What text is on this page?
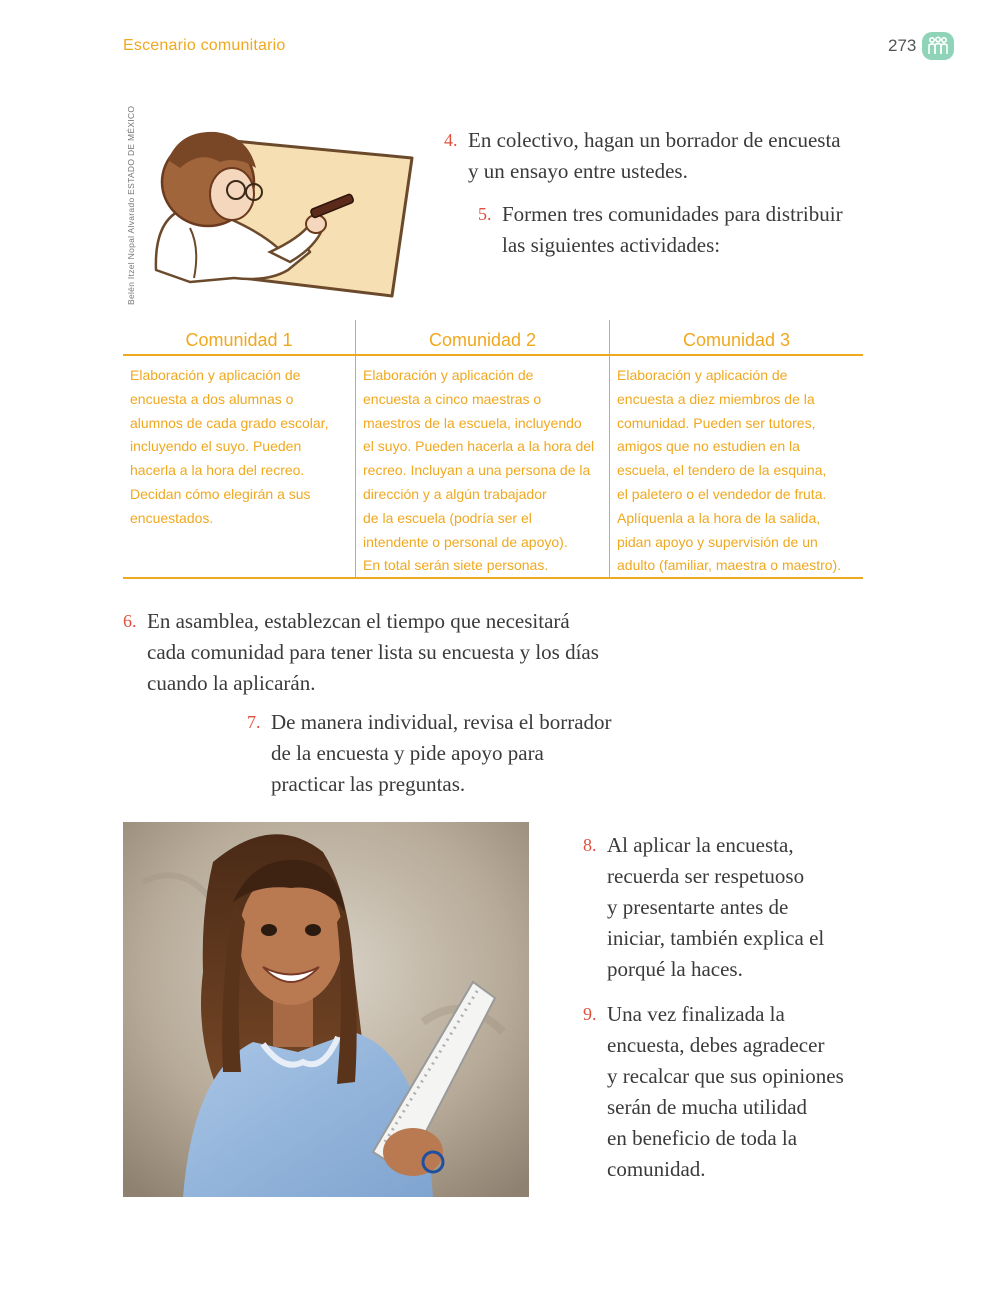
Escenario comunitario	273
Belén Itzel Nopal Alvarado ESTADO DE MÉXICO	4. En colectivo, hagan un borrador de encuesta
y un ensayo entre ustedes.
5. Formen tres comunidades para distribuir
las siguientes actividades:
Comunidad 1
Elaboración y aplicación de
encuesta a dos alumnas o
alumnos de cada grado escolar,
incluyendo el suyo. Pueden
hacerla a la hora del recreo.
Decidan cómo elegirán a sus
encuestados.
Comunidad 2
Elaboración y aplicación de
encuesta a cinco maestras o
maestros de la escuela, incluyendo
el suyo. Pueden hacerla a la hora del
recreo. Incluyan a una persona de la
dirección y a algún trabajador
de la escuela (podría ser el
intendente o personal de apoyo).
En total serán siete personas.
Comunidad 3
Elaboración y aplicación de
encuesta a diez miembros de la
comunidad. Pueden ser tutores,
amigos que no estudien en la
escuela, el tendero de la esquina,
el paletero o el vendedor de fruta.
Aplíquenla a la hora de la salida,
pidan apoyo y supervisión de un
adulto (familiar, maestra o maestro).
6. En asamblea, establezcan el tiempo que necesitará
cada comunidad para tener lista su encuesta y los días
cuando la aplicarán.
7. De manera individual, revisa el borrador
de la encuesta y pide apoyo para
practicar las preguntas.
8. Al aplicar la encuesta,
recuerda ser respetuoso
y presentarte antes de
iniciar, también explica el
porqué la haces.
9. Una vez finalizada la
encuesta, debes agradecer
y recalcar que sus opiniones
serán de mucha utilidad
en beneficio de toda la
comunidad.
